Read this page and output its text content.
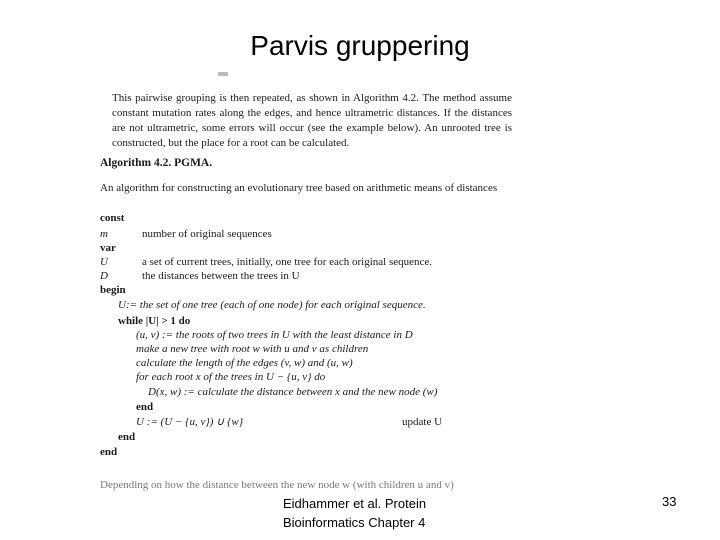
Parvis gruppering
This pairwise grouping is then repeated, as shown in Algorithm 4.2. The method assume constant mutation rates along the edges, and hence ultrametric distances. If the distances are not ultrametric, some errors will occur (see the example below). An unrooted tree is constructed, but the place for a root can be calculated.
Algorithm 4.2. PGMA.
An algorithm for constructing an evolutionary tree based on arithmetic means of distances
const
m	number of original sequences
var
U	a set of current trees, initially, one tree for each original sequence.
D	the distances between the trees in U
begin
U:= the set of one tree (each of one node) for each original sequence.
while |U| > 1 do
(u, v) := the roots of two trees in U with the least distance in D
make a new tree with root w with u and v as children
calculate the length of the edges (v, w) and (u, w)
for each root x of the trees in U − {u, v} do
D(x, w) := calculate the distance between x and the new node (w)
end
U := (U − {u, v}) ∪ {w}	update U
end
end
Depending on how the distance between the new node w (with children u and v)
Eidhammer et al. Protein
Bioinformatics Chapter 4
33
